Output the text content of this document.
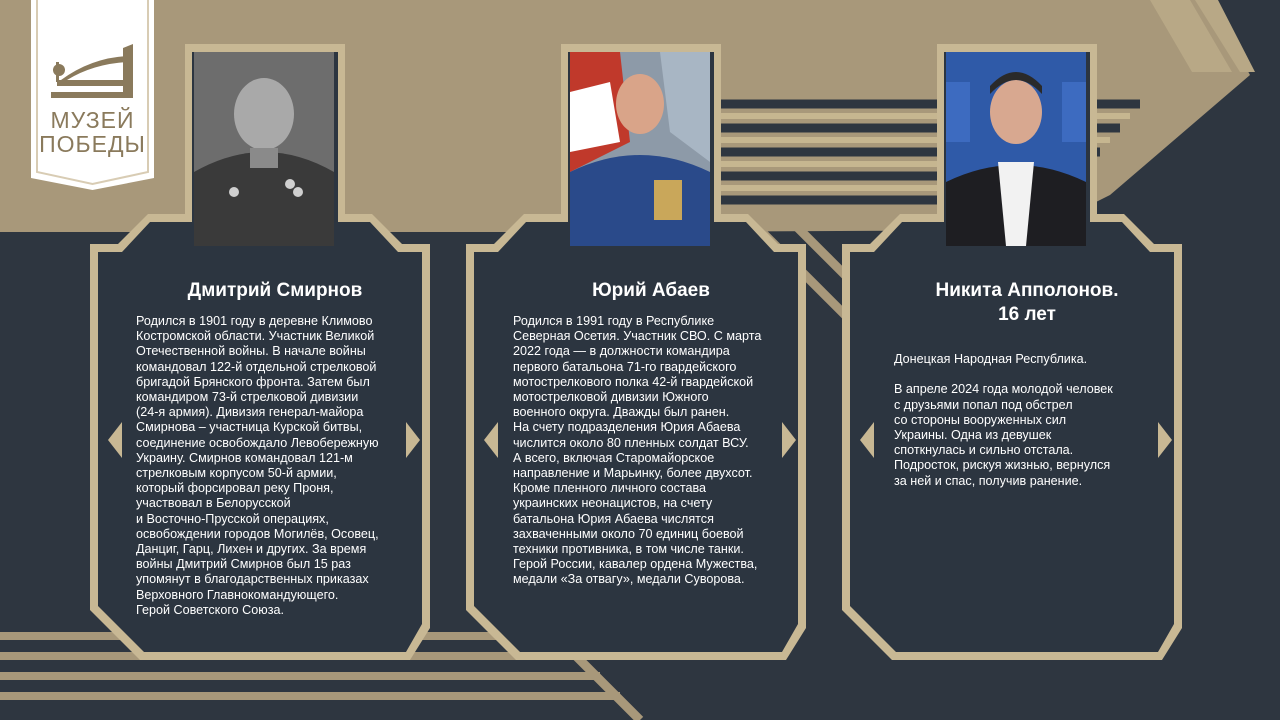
МУЗЕЙ
ПОБЕДЫ
Дмитрий Смирнов
Родился в 1901 году в деревне Климово
Костромской области. Участник Великой
Отечественной войны. В начале войны
командовал 122-й отдельной стрелковой
бригадой Брянского фронта. Затем был
командиром 73-й стрелковой дивизии
(24-я армия). Дивизия генерал-майора
Смирнова – участница Курской битвы,
соединение освобождало Левобережную
Украину. Смирнов командовал 121-м
стрелковым корпусом 50-й армии,
который форсировал реку Проня,
участвовал в Белорусской
и Восточно-Прусской операциях,
освобождении городов Могилёв, Осовец,
Данциг, Гарц, Лихен и других. За время
войны Дмитрий Смирнов был 15 раз
упомянут в благодарственных приказах
Верховного Главнокомандующего.
Герой Советского Союза.
Юрий Абаев
Родился в 1991 году в Республике
Северная Осетия. Участник СВО. С марта
2022 года — в должности командира
первого батальона 71-го гвардейского
мотострелкового полка 42-й гвардейской
мотострелковой дивизии Южного
военного округа. Дважды был ранен.
На счету подразделения Юрия Абаева
числится около 80 пленных солдат ВСУ.
А всего, включая Старомайорское
направление и Марьинку, более двухсот.
Кроме пленного личного состава
украинских неонацистов, на счету
батальона Юрия Абаева числятся
захваченными около 70 единиц боевой
техники противника, в том числе танки.
Герой России, кавалер ордена Мужества,
медали «За отвагу», медали Суворова.
Никита Апполонов.
16 лет
Донецкая Народная Республика.

В апреле 2024 года молодой человек
с друзьями попал под обстрел
со стороны вооруженных сил
Украины. Одна из девушек
споткнулась и сильно отстала.
Подросток, рискуя жизнью, вернулся
за ней и спас, получив ранение.
